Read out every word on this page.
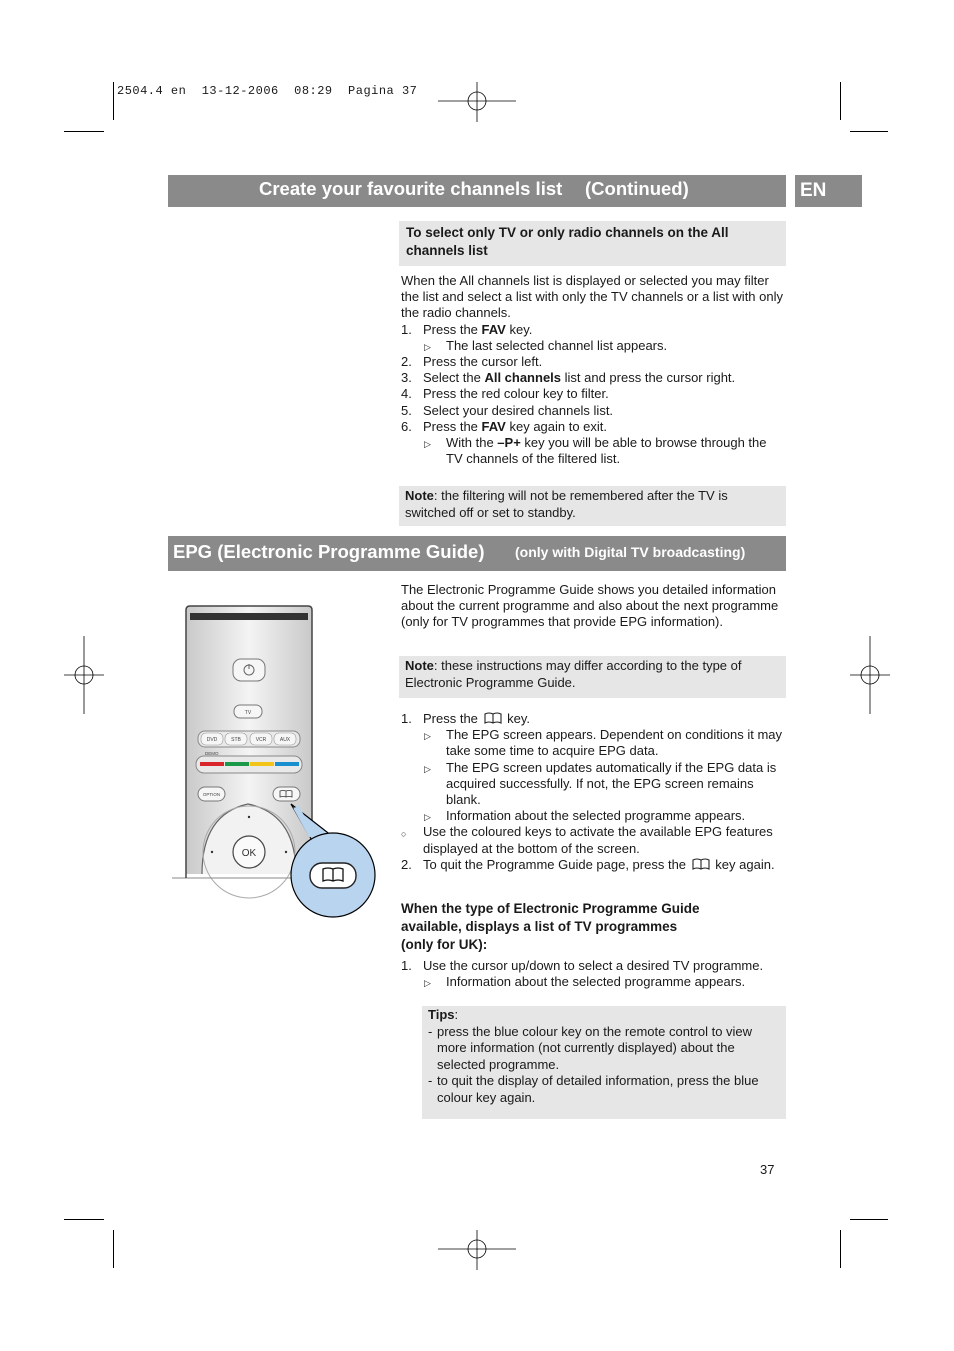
2504.4 en  13-12-2006  08:29  Pagina 37
Create your favourite channels list (Continued)	EN
To select only TV or only radio channels on the All channels list

When the All channels list is displayed or selected you may filter the list and select a list with only the TV channels or a list with only the radio channels.

1. Press the FAV key.
▷ The last selected channel list appears.
2. Press the cursor left.
3. Select the All channels list and press the cursor right.
4. Press the red colour key to filter.
5. Select your desired channels list.
6. Press the FAV key again to exit.
▷ With the –P+ key you will be able to browse through the TV channels of the filtered list.
Note: the filtering will not be remembered after the TV is switched off or set to standby.
EPG (Electronic Programme Guide) (only with Digital TV broadcasting)
The Electronic Programme Guide shows you detailed information about the current programme and also about the next programme (only for TV programmes that provide EPG information).
Note: these instructions may differ according to the type of Electronic Programme Guide.
1. Press the key.
▷ The EPG screen appears. Dependent on conditions it may take some time to acquire EPG data.
▷ The EPG screen updates automatically if the EPG data is acquired successfully. If not, the EPG screen remains blank.
▷ Information about the selected programme appears.
○ Use the coloured keys to activate the available EPG features displayed at the bottom of the screen.
2. To quit the Programme Guide page, press the key again.
When the type of Electronic Programme Guide
available, displays a list of TV programmes
(only for UK):
1. Use the cursor up/down to select a desired TV programme.
▷ Information about the selected programme appears.
Tips:
- press the blue colour key on the remote control to view more information (not currently displayed) about the selected programme.
- to quit the display of detailed information, press the blue colour key again.
TV
DVD	STB	VCR	AUX
DEMO
OPTION
OK
37
